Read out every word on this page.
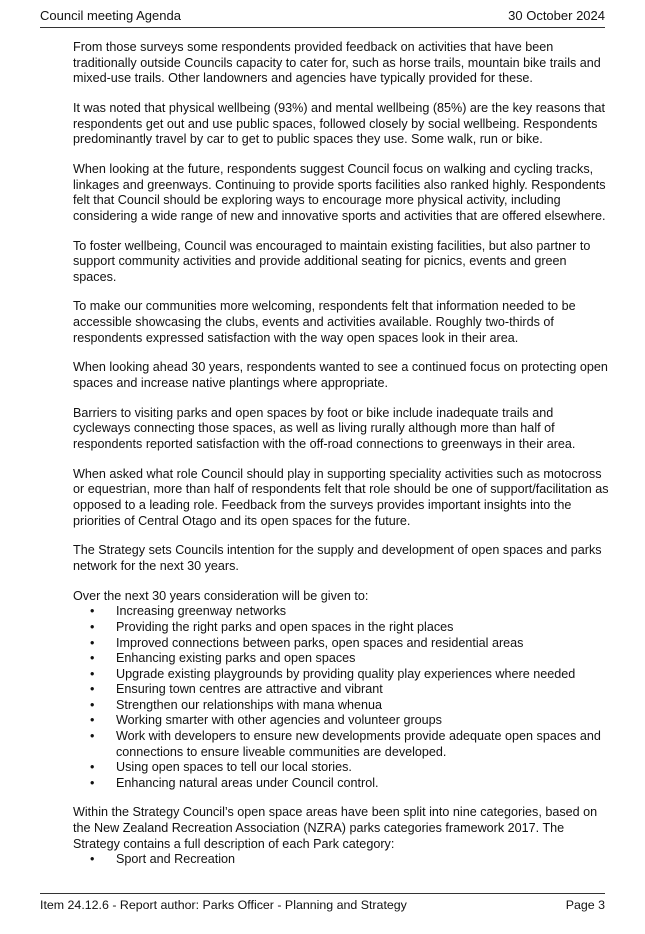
Council meeting Agenda	30 October 2024

From those surveys some respondents provided feedback on activities that have been traditionally outside Councils capacity to cater for, such as horse trails, mountain bike trails and mixed-use trails. Other landowners and agencies have typically provided for these.

It was noted that physical wellbeing (93%) and mental wellbeing (85%) are the key reasons that respondents get out and use public spaces, followed closely by social wellbeing. Respondents predominantly travel by car to get to public spaces they use. Some walk, run or bike.

When looking at the future, respondents suggest Council focus on walking and cycling tracks, linkages and greenways. Continuing to provide sports facilities also ranked highly. Respondents felt that Council should be exploring ways to encourage more physical activity, including considering a wide range of new and innovative sports and activities that are offered elsewhere.

To foster wellbeing, Council was encouraged to maintain existing facilities, but also partner to support community activities and provide additional seating for picnics, events and green spaces.

To make our communities more welcoming, respondents felt that information needed to be accessible showcasing the clubs, events and activities available. Roughly two-thirds of respondents expressed satisfaction with the way open spaces look in their area.

When looking ahead 30 years, respondents wanted to see a continued focus on protecting open spaces and increase native plantings where appropriate.

Barriers to visiting parks and open spaces by foot or bike include inadequate trails and cycleways connecting those spaces, as well as living rurally although more than half of respondents reported satisfaction with the off-road connections to greenways in their area.

When asked what role Council should play in supporting speciality activities such as motocross or equestrian, more than half of respondents felt that role should be one of support/facilitation as opposed to a leading role. Feedback from the surveys provides important insights into the priorities of Central Otago and its open spaces for the future.

The Strategy sets Councils intention for the supply and development of open spaces and parks network for the next 30 years.

Over the next 30 years consideration will be given to:

• Increasing greenway networks
• Providing the right parks and open spaces in the right places
• Improved connections between parks, open spaces and residential areas
• Enhancing existing parks and open spaces
• Upgrade existing playgrounds by providing quality play experiences where needed
• Ensuring town centres are attractive and vibrant
• Strengthen our relationships with mana whenua
• Working smarter with other agencies and volunteer groups
• Work with developers to ensure new developments provide adequate open spaces and connections to ensure liveable communities are developed.
• Using open spaces to tell our local stories.
• Enhancing natural areas under Council control.

Within the Strategy Council’s open space areas have been split into nine categories, based on the New Zealand Recreation Association (NZRA) parks categories framework 2017. The Strategy contains a full description of each Park category:

• Sport and Recreation
Item 24.12.6 - Report author: Parks Officer - Planning and Strategy	Page 3
